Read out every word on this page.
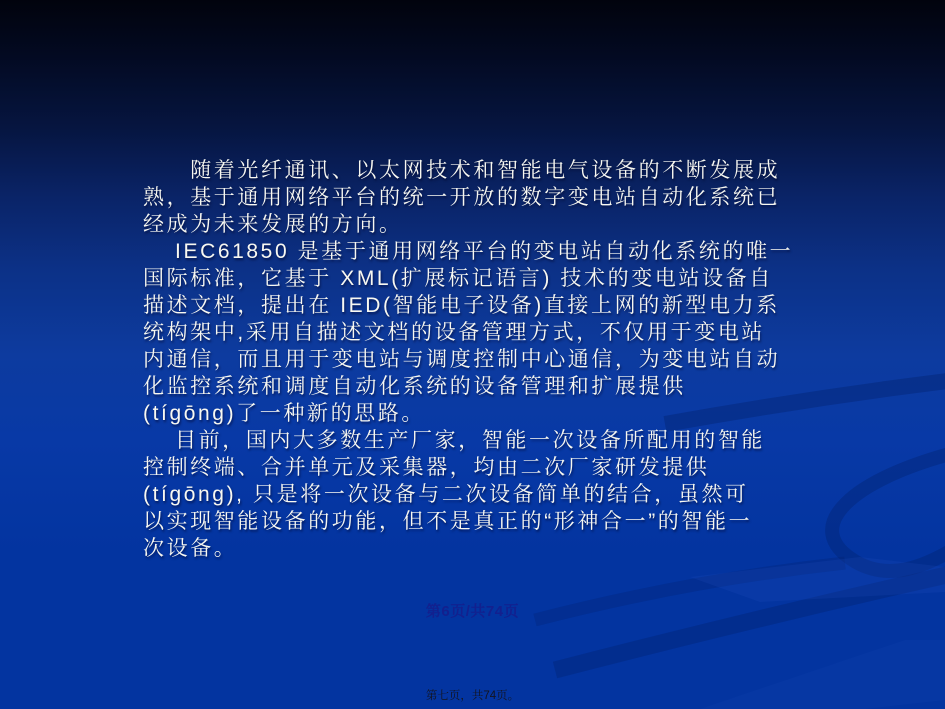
　　随着光纤通讯、以太网技术和智能电气设备的不断发展成
熟，基于通用网络平台的统一开放的数字变电站自动化系统已
经成为未来发展的方向。
　 IEC61850 是基于通用网络平台的变电站自动化系统的唯一
国际标准，它基于 XML(扩展标记语言) 技术的变电站设备自
描述文档，提出在 IED(智能电子设备)直接上网的新型电力系
统构架中,采用自描述文档的设备管理方式，不仅用于变电站
内通信，而且用于变电站与调度控制中心通信，为变电站自动
化监控系统和调度自动化系统的设备管理和扩展提供
(tígōng)了一种新的思路。
　 目前，国内大多数生产厂家，智能一次设备所配用的智能
控制终端、合并单元及采集器，均由二次厂家研发提供
(tígōng), 只是将一次设备与二次设备简单的结合，虽然可
以实现智能设备的功能，但不是真正的“形神合一”的智能一
次设备。
第6页/共74页
第七页，共74页。
